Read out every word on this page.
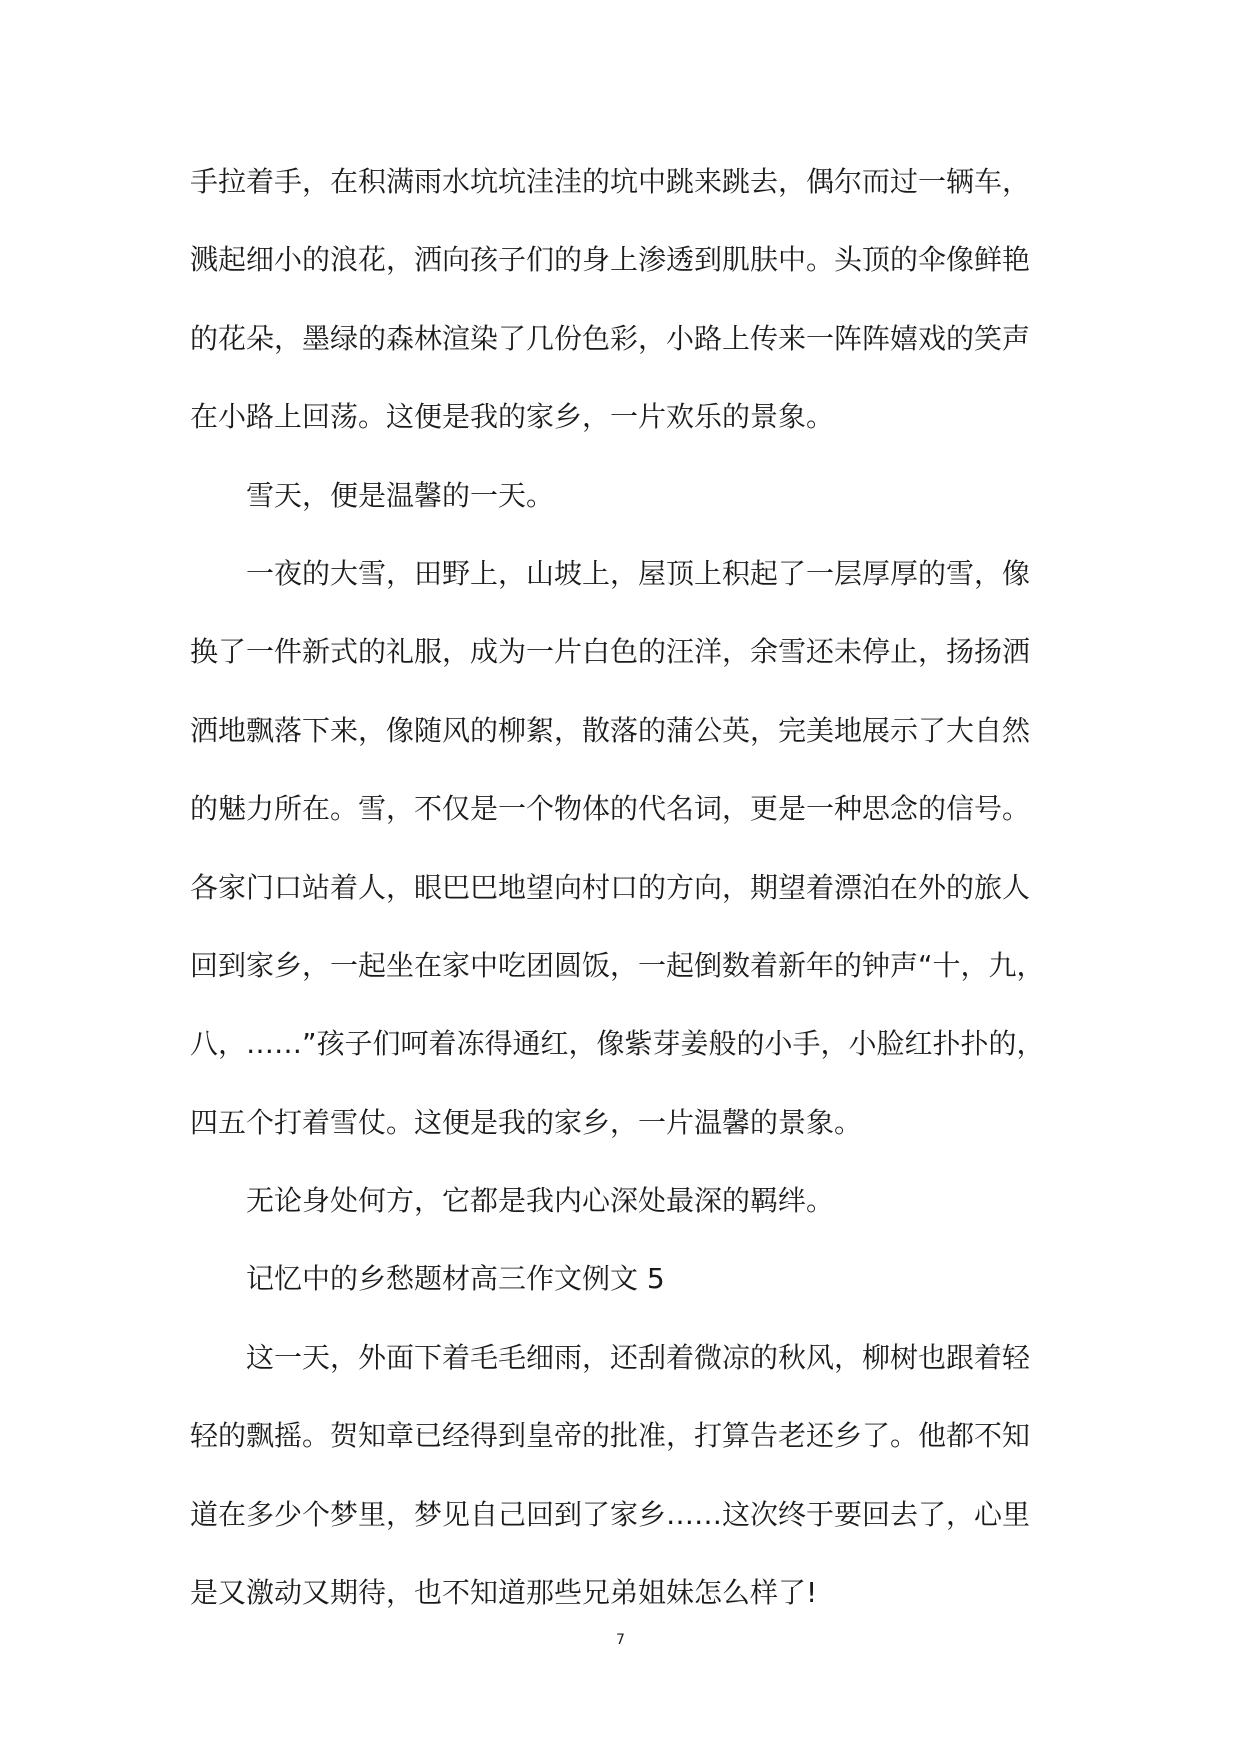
手拉着手，在积满雨水坑坑洼洼的坑中跳来跳去，偶尔而过一辆车，
溅起细小的浪花，洒向孩子们的身上渗透到肌肤中。头顶的伞像鲜艳
的花朵，墨绿的森林渲染了几份色彩，小路上传来一阵阵嬉戏的笑声
在小路上回荡。这便是我的家乡，一片欢乐的景象。
雪天，便是温馨的一天。
一夜的大雪，田野上，山坡上，屋顶上积起了一层厚厚的雪，像
换了一件新式的礼服，成为一片白色的汪洋，余雪还未停止，扬扬洒
洒地飘落下来，像随风的柳絮，散落的蒲公英，完美地展示了大自然
的魅力所在。雪，不仅是一个物体的代名词，更是一种思念的信号。
各家门口站着人，眼巴巴地望向村口的方向，期望着漂泊在外的旅人
回到家乡，一起坐在家中吃团圆饭，一起倒数着新年的钟声“十，九，
八，……”孩子们呵着冻得通红，像紫芽姜般的小手，小脸红扑扑的，
四五个打着雪仗。这便是我的家乡，一片温馨的景象。
无论身处何方，它都是我内心深处最深的羁绊。
记忆中的乡愁题材高三作文例文 5
这一天，外面下着毛毛细雨，还刮着微凉的秋风，柳树也跟着轻
轻的飘摇。贺知章已经得到皇帝的批准，打算告老还乡了。他都不知
道在多少个梦里，梦见自己回到了家乡……这次终于要回去了，心里
是又激动又期待，也不知道那些兄弟姐妹怎么样了!
7
